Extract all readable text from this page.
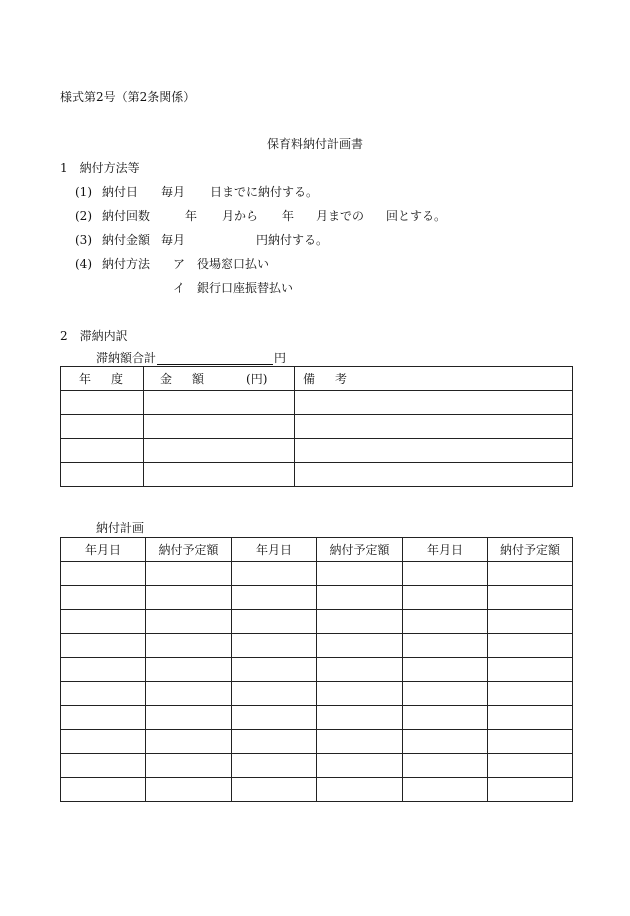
様式第2号（第2条関係）
保育料納付計画書
1　納付方法等
(1) 納付日 毎月 日までに納付する。
(2) 納付回数	年 月から 年 月までの 回とする。
(3) 納付金額 毎月	円納付する。
(4) 納付方法 ア 役場窓口払い
イ 銀行口座振替払い
2　滞納内訳
滞納額合計	円
年 度	金 額 (円)	備 考

納付計画
年月日	納付予定額	年月日	納付予定額	年月日	納付予定額
